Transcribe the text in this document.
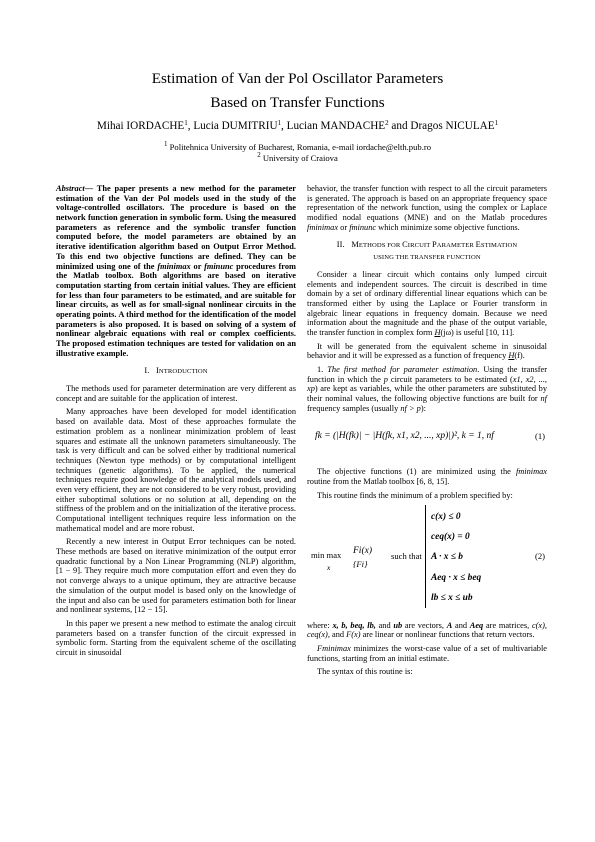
Estimation of Van der Pol Oscillator Parameters
Based on Transfer Functions
Mihai IORDACHE$^1$, Lucia DUMITRIU$^1$, Lucian MANDACHE$^2$ and Dragos NICULAE$^1$
$^1$ Politehnica University of Bucharest, Romania, e-mail iordache@elth.pub.ro
$^2$ University of Craiova

Abstract— The paper presents a new method for the parameter estimation of the Van der Pol models used in the study of the voltage-controlled oscillators. The procedure is based on the network function generation in symbolic form. Using the measured parameters as reference and the symbolic transfer function computed before, the model parameters are obtained by an iterative identification algorithm based on Output Error Method. To this end two objective functions are defined. They can be minimized using one of the fminimax or fminunc procedures from the Matlab toolbox. Both algorithms are based on iterative computation starting from certain initial values. They are efficient for less than four parameters to be estimated, and are suitable for linear circuits, as well as for small-signal nonlinear circuits in the operating points. A third method for the identification of the model parameters is also proposed. It is based on solving of a system of nonlinear algebraic equations with real or complex coefficients. The proposed estimation techniques are tested for validation on an illustrative example.

I. INTRODUCTION

The methods used for parameter determination are very different as concept and are suitable for the application of interest.

Many approaches have been developed for model identification based on available data. Most of these approaches formulate the estimation problem as a nonlinear minimization problem of least squares and estimate all the unknown parameters simultaneously. The task is very difficult and can be solved either by traditional numerical techniques (Newton type methods) or by computational intelligent techniques (genetic algorithms). To be applied, the numerical techniques require good knowledge of the analytical models used, and even very efficient, they are not considered to be very robust, providing either suboptimal solutions or no solution at all, depending on the stiffness of the problem and on the initialization of the iterative process. Computational intelligent techniques require less information on the mathematical model and are more robust.

Recently a new interest in Output Error techniques can be noted. These methods are based on iterative minimization of the output error quadratic functional by a Non Linear Programming (NLP) algorithm, [1 − 9]. They require much more computation effort and even they do not converge always to a unique optimum, they are attractive because the simulation of the output model is based only on the knowledge of the input and also can be used for parameters estimation both for linear and nonlinear systems, [12 − 15].

In this paper we present a new method to estimate the analog circuit parameters based on a transfer function of the circuit expressed in symbolic form. Starting from the equivalent scheme of the oscillating circuit in sinusoidal

behavior, the transfer function with respect to all the circuit parameters is generated. The approach is based on an appropriate frequency space representation of the network function, using the complex or Laplace modified nodal equations (MNE) and on the Matlab procedures fminimax or fminunc which minimize some objective functions.

II. METHODS FOR CIRCUIT PARAMETER ESTIMATION

USING THE TRANSFER FUNCTION

Consider a linear circuit which contains only lumped circuit elements and independent sources. The circuit is described in time domain by a set of ordinary differential linear equations which can be transformed either by using the Laplace or Fourier transform in algebraic linear equations in frequency domain. Because we need information about the magnitude and the phase of the output variable, the transfer function in complex form H(jω) is useful [10, 11].

It will be generated from the equivalent scheme in sinusoidal behavior and it will be expressed as a function of frequency H(f).

1. The first method for parameter estimation. Using the transfer function in which the p circuit parameters to be estimated (x1, x2, ..., xp) are kept as variables, while the other parameters are substituted by their nominal values, the following objective functions are built for nf frequency samples (usually nf > p):

fk = (|H(fk)| − |H(fk, x1, x2, ..., xp)|)², k = 1, nf	(1)

The objective functions (1) are minimized using the fminimax routine from the Matlab toolbox [6, 8, 15].

This routine finds the minimum of a problem specified by:

min max
x
Fi(x)
{Fi}
such that
c(x) ≤ 0
ceq(x) = 0
A · x ≤ b
Aeq · x ≤ beq
lb ≤ x ≤ ub
(2)

where: x, b, beq, lb, and ub are vectors, A and Aeq are matrices, c(x), ceq(x), and F(x) are linear or nonlinear functions that return vectors.

Fminimax minimizes the worst-case value of a set of multivariable functions, starting from an initial estimate.

The syntax of this routine is:
